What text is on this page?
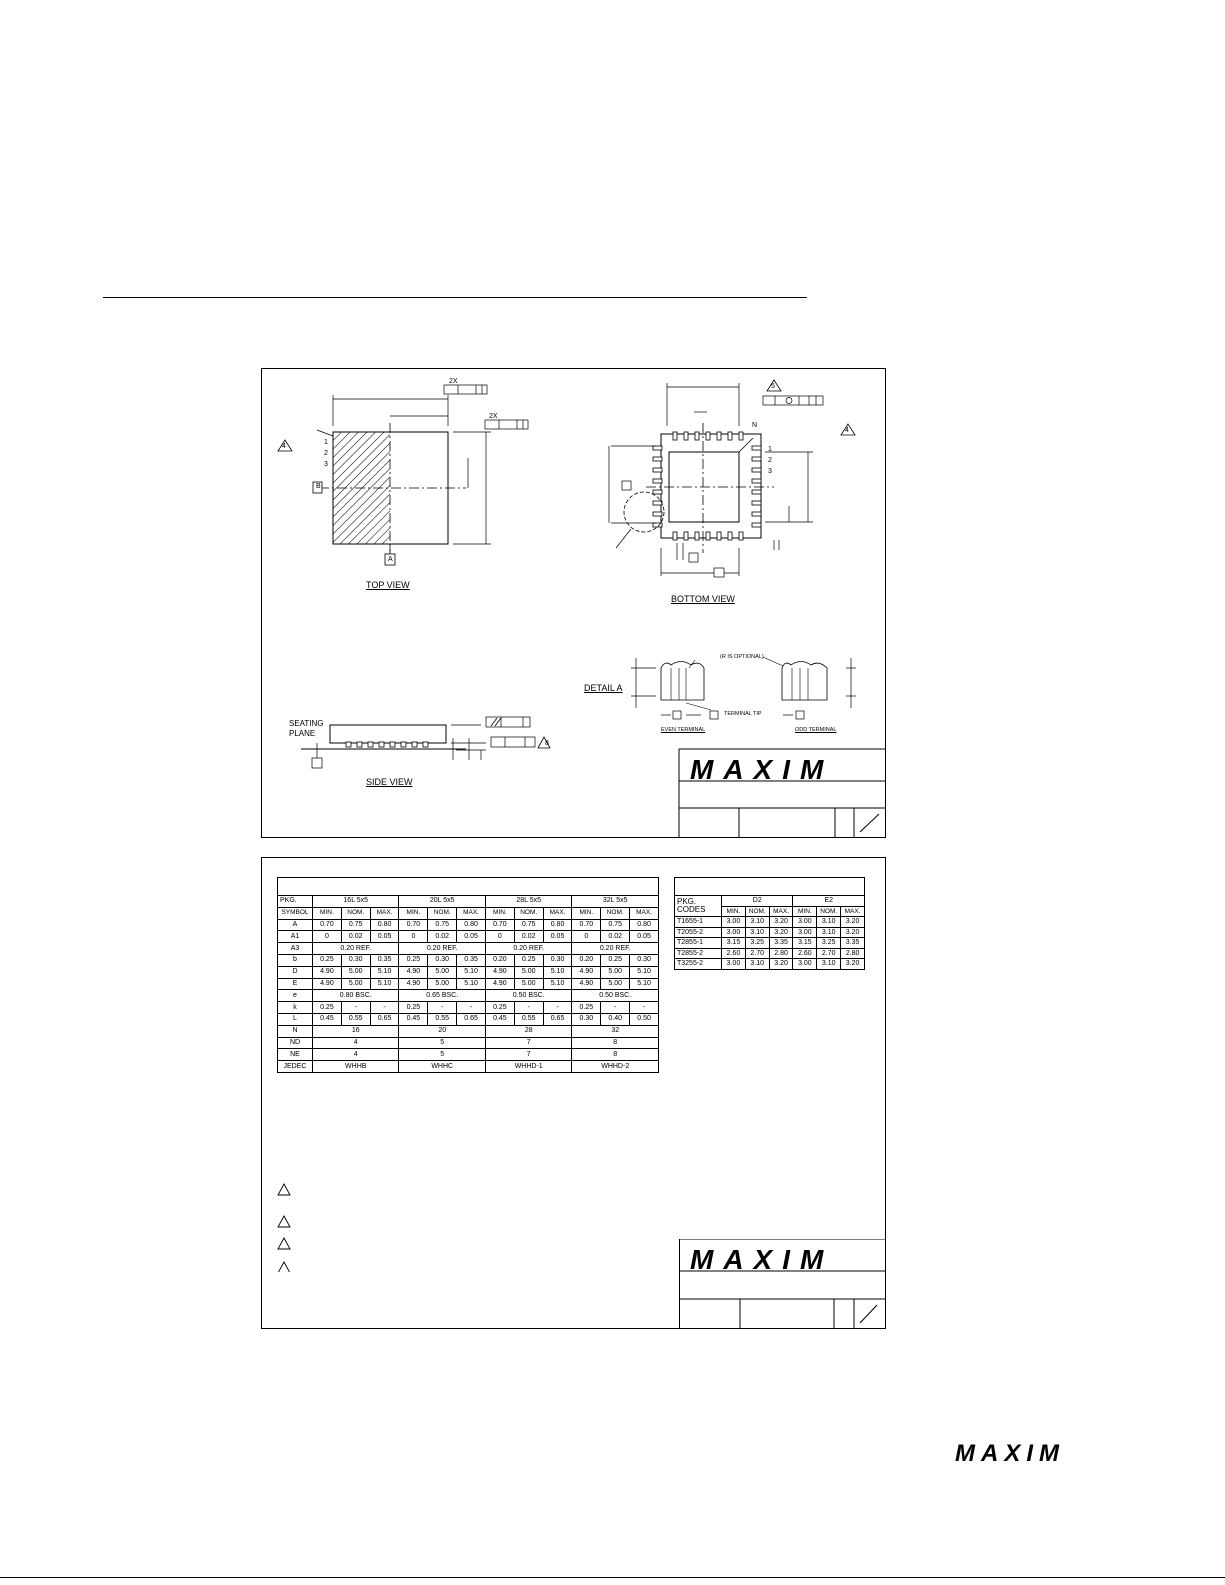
2X
2X
1
2
3
4
B
A
TOP VIEW
5
4
N
1
2
3
BOTTOM VIEW
DETAIL A
(R IS OPTIONAL)
TERMINAL TIP
EVEN TERMINAL	ODD TERMINAL
SEATING
PLANE
8
SIDE VIEW	MAXIM
PKG.	16L 5x5			20L 5x5			28L 5x5			32L 5x5		
SYMBOL	MIN.	NOM.	MAX.	MIN.	NOM.	MAX.	MIN.	NOM.	MAX.	MIN.	NOM.	MAX.
A	0.70	0.75	0.80	0.70	0.75	0.80	0.70	0.75	0.80	0.70	0.75	0.80
A1	0	0.02	0.05	0	0.02	0.05	0	0.02	0.05	0	0.02	0.05
A3	0.20 REF.			0.20 REF.			0.20 REF.			0.20 REF.		
b	0.25	0.30	0.35	0.25	0.30	0.35	0.20	0.25	0.30	0.20	0.25	0.30
D	4.90	5.00	5.10	4.90	5.00	5.10	4.90	5.00	5.10	4.90	5.00	5.10
E	4.90	5.00	5.10	4.90	5.00	5.10	4.90	5.00	5.10	4.90	5.00	5.10
e	0.80 BSC.			0.65 BSC.			0.50 BSC.			0.50 BSC.		
k	0.25	-	-	0.25	-	-	0.25	-	-	0.25	-	-
L	0.45	0.55	0.65	0.45	0.55	0.65	0.45	0.55	0.65	0.30	0.40	0.50
N	16			20			28			32		
ND	4			5			7			8		
NE	4			5			7			8		
JEDEC	WHHB			WHHC			WHHD-1			WHHD-2		
PKG.
CODES	D2			E2		
	MIN.	NOM.	MAX.	MIN.	NOM.	MAX.
T1655-1	3.00	3.10	3.20	3.00	3.10	3.20
T2055-2	3.00	3.10	3.20	3.00	3.10	3.20
T2855-1	3.15	3.25	3.35	3.15	3.25	3.35
T2855-2	2.60	2.70	2.80	2.60	2.70	2.80
T3255-2	3.00	3.10	3.20	3.00	3.10	3.20
MAXIM
MAXIM
